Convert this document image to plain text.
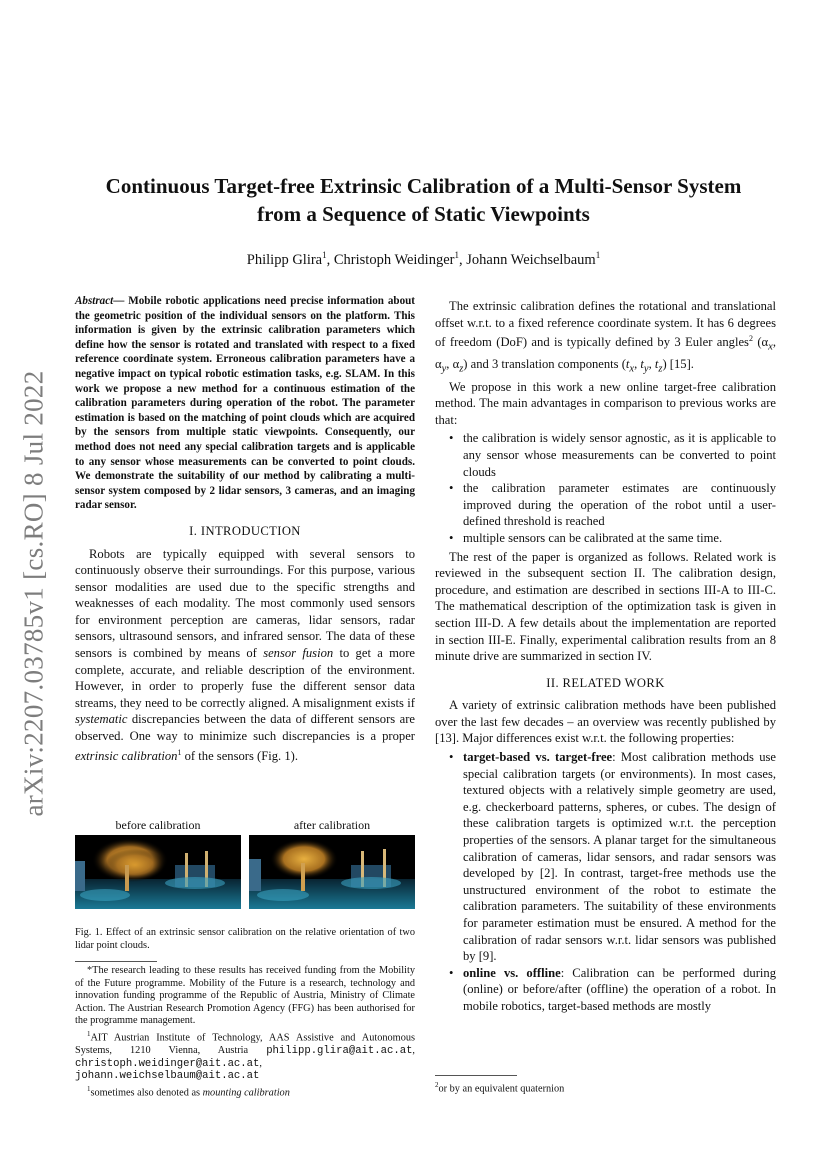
arXiv:2207.03785v1 [cs.RO] 8 Jul 2022
Continuous Target-free Extrinsic Calibration of a Multi-Sensor System
from a Sequence of Static Viewpoints
Philipp Glira$^1$, Christoph Weidinger$^1$, Johann Weichselbaum$^1$

Abstract— Mobile robotic applications need precise information about the geometric position of the individual sensors on the platform. This information is given by the extrinsic calibration parameters which define how the sensor is rotated and translated with respect to a fixed reference coordinate system. Erroneous calibration parameters have a negative impact on typical robotic estimation tasks, e.g. SLAM. In this work we propose a new method for a continuous estimation of the calibration parameters during operation of the robot. The parameter estimation is based on the matching of point clouds which are acquired by the sensors from multiple static viewpoints. Consequently, our method does not need any special calibration targets and is applicable to any sensor whose measurements can be converted to point clouds. We demonstrate the suitability of our method by calibrating a multi-sensor system composed by 2 lidar sensors, 3 cameras, and an imaging radar sensor.

I. INTRODUCTION

Robots are typically equipped with several sensors to continuously observe their surroundings. For this purpose, various sensor modalities are used due to the specific strengths and weaknesses of each modality. The most commonly used sensors for environment perception are cameras, lidar sensors, radar sensors, ultrasound sensors, and infrared sensor. The data of these sensors is combined by means of sensor fusion to get a more complete, accurate, and reliable description of the environment. However, in order to properly fuse the different sensor data streams, they need to be correctly aligned. A misalignment exists if systematic discrepancies between the data of different sensors are observed. One way to minimize such discrepancies is a proper extrinsic calibration$^1$ of the sensors (Fig. 1).

before calibration	after calibration
Fig. 1. Effect of an extrinsic sensor calibration on the relative orientation of two lidar point clouds.

*The research leading to these results has received funding from the Mobility of the Future programme. Mobility of the Future is a research, technology and innovation funding programme of the Republic of Austria, Ministry of Climate Action. The Austrian Research Promotion Agency (FFG) has been authorised for the programme management.

$^1$AIT Austrian Institute of Technology, AAS Assistive and Autonomous Systems, 1210 Vienna, Austria philipp.glira@ait.ac.at, christoph.weidinger@ait.ac.at, johann.weichselbaum@ait.ac.at

$^1$sometimes also denoted as mounting calibration

The extrinsic calibration defines the rotational and translational offset w.r.t. to a fixed reference coordinate system. It has 6 degrees of freedom (DoF) and is typically defined by 3 Euler angles$^2$ ($\alpha_x$, $\alpha_y$, $\alpha_z$) and 3 translation components ($t_x$, $t_y$, $t_z$) [15].

We propose in this work a new online target-free calibration method. The main advantages in comparison to previous works are that:

• the calibration is widely sensor agnostic, as it is applicable to any sensor whose measurements can be converted to point clouds
• the calibration parameter estimates are continuously improved during the operation of the robot until a user-defined threshold is reached
• multiple sensors can be calibrated at the same time.

The rest of the paper is organized as follows. Related work is reviewed in the subsequent section II. The calibration design, procedure, and estimation are described in sections III-A to III-C. The mathematical description of the optimization task is given in section III-D. A few details about the implementation are reported in section III-E. Finally, experimental calibration results from an 8 minute drive are summarized in section IV.

II. RELATED WORK

A variety of extrinsic calibration methods have been published over the last few decades – an overview was recently published by [13]. Major differences exist w.r.t. the following properties:

• target-based vs. target-free: Most calibration methods use special calibration targets (or environments). In most cases, textured objects with a relatively simple geometry are used, e.g. checkerboard patterns, spheres, or cubes. The design of these calibration targets is optimized w.r.t. the perception properties of the sensors. A planar target for the simultaneous calibration of cameras, lidar sensors, and radar sensors was developed by [2]. In contrast, target-free methods use the unstructured environment of the robot to estimate the calibration parameters. The suitability of these environments for parameter estimation must be ensured. A method for the calibration of radar sensors w.r.t. lidar sensors was published by [9].
• online vs. offline: Calibration can be performed during (online) or before/after (offline) the operation of a robot. In mobile robotics, target-based methods are mostly
$^2$or by an equivalent quaternion
